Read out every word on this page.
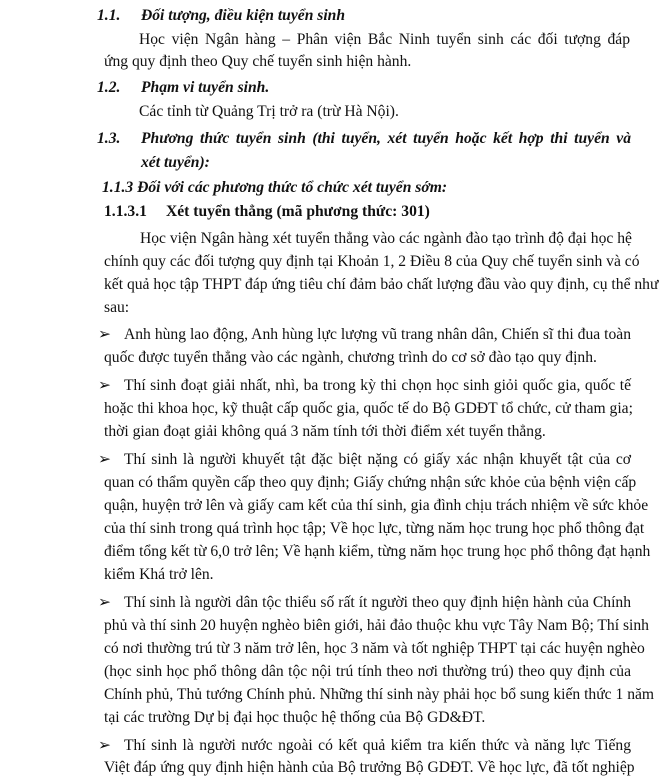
1.1. Đối tượng, điều kiện tuyển sinh
Học viện Ngân hàng – Phân viện Bắc Ninh tuyển sinh các đối tượng đáp
ứng quy định theo Quy chế tuyển sinh hiện hành.
1.2. Phạm vi tuyển sinh.
Các tỉnh từ Quảng Trị trở ra (trừ Hà Nội).
1.3. Phương thức tuyển sinh (thi tuyển, xét tuyển hoặc kết hợp thi tuyển và
xét tuyển):
1.1.3 Đối với các phương thức tổ chức xét tuyển sớm:
1.1.3.1 Xét tuyển thẳng (mã phương thức: 301)
Học viện Ngân hàng xét tuyển thẳng vào các ngành đào tạo trình độ đại học hệ
chính quy các đối tượng quy định tại Khoản 1, 2 Điều 8 của Quy chế tuyển sinh và có
kết quả học tập THPT đáp ứng tiêu chí đảm bảo chất lượng đầu vào quy định, cụ thể như
sau:
➢ Anh hùng lao động, Anh hùng lực lượng vũ trang nhân dân, Chiến sĩ thi đua toàn
quốc được tuyển thẳng vào các ngành, chương trình do cơ sở đào tạo quy định.
➢ Thí sinh đoạt giải nhất, nhì, ba trong kỳ thi chọn học sinh giỏi quốc gia, quốc tế
hoặc thi khoa học, kỹ thuật cấp quốc gia, quốc tế do Bộ GDĐT tổ chức, cử tham gia;
thời gian đoạt giải không quá 3 năm tính tới thời điểm xét tuyển thẳng.
➢ Thí sinh là người khuyết tật đặc biệt nặng có giấy xác nhận khuyết tật của cơ
quan có thẩm quyền cấp theo quy định; Giấy chứng nhận sức khỏe của bệnh viện cấp
quận, huyện trở lên và giấy cam kết của thí sinh, gia đình chịu trách nhiệm về sức khỏe
của thí sinh trong quá trình học tập; Về học lực, từng năm học trung học phổ thông đạt
điểm tổng kết từ 6,0 trở lên; Về hạnh kiểm, từng năm học trung học phổ thông đạt hạnh
kiểm Khá trở lên.
➢ Thí sinh là người dân tộc thiểu số rất ít người theo quy định hiện hành của Chính
phủ và thí sinh 20 huyện nghèo biên giới, hải đảo thuộc khu vực Tây Nam Bộ; Thí sinh
có nơi thường trú từ 3 năm trở lên, học 3 năm và tốt nghiệp THPT tại các huyện nghèo
(học sinh học phổ thông dân tộc nội trú tính theo nơi thường trú) theo quy định của
Chính phủ, Thủ tướng Chính phủ. Những thí sinh này phải học bổ sung kiến thức 1 năm
tại các trường Dự bị đại học thuộc hệ thống của Bộ GD&ĐT.
➢ Thí sinh là người nước ngoài có kết quả kiểm tra kiến thức và năng lực Tiếng
Việt đáp ứng quy định hiện hành của Bộ trưởng Bộ GDĐT. Về học lực, đã tốt nghiệp
